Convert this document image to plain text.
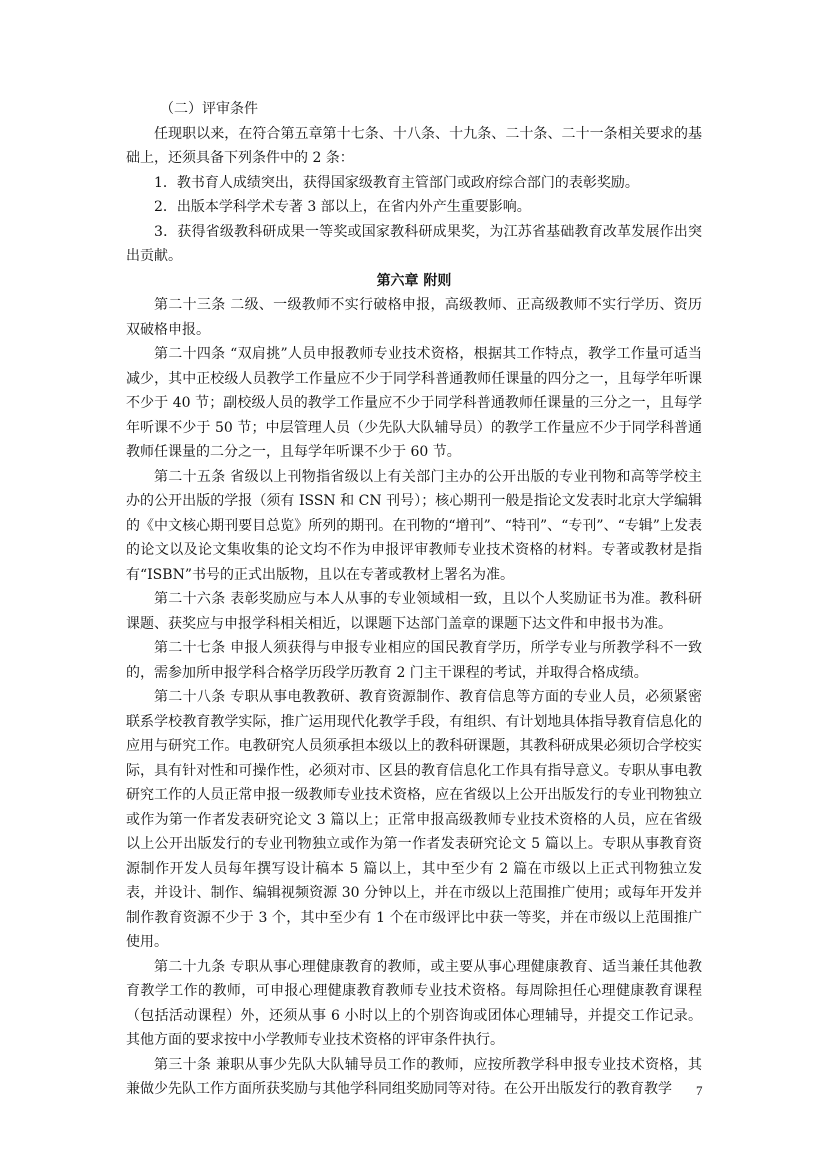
（二）评审条件

任现职以来，在符合第五章第十七条、十八条、十九条、二十条、二十一条相关要求的基础上，还须具备下列条件中的 2 条：

1．教书育人成绩突出，获得国家级教育主管部门或政府综合部门的表彰奖励。

2．出版本学科学术专著 3 部以上，在省内外产生重要影响。

3．获得省级教科研成果一等奖或国家教科研成果奖，为江苏省基础教育改革发展作出突出贡献。

第六章 附则

第二十三条 二级、一级教师不实行破格申报，高级教师、正高级教师不实行学历、资历双破格申报。

第二十四条 “双肩挑”人员申报教师专业技术资格，根据其工作特点，教学工作量可适当减少，其中正校级人员教学工作量应不少于同学科普通教师任课量的四分之一，且每学年听课不少于 40 节；副校级人员的教学工作量应不少于同学科普通教师任课量的三分之一，且每学年听课不少于 50 节；中层管理人员（少先队大队辅导员）的教学工作量应不少于同学科普通教师任课量的二分之一，且每学年听课不少于 60 节。

第二十五条 省级以上刊物指省级以上有关部门主办的公开出版的专业刊物和高等学校主办的公开出版的学报（须有 ISSN 和 CN 刊号）；核心期刊一般是指论文发表时北京大学编辑的《中文核心期刊要目总览》所列的期刊。在刊物的“增刊”、“特刊”、“专刊”、“专辑”上发表的论文以及论文集收集的论文均不作为申报评审教师专业技术资格的材料。专著或教材是指有“ISBN”书号的正式出版物，且以在专著或教材上署名为准。

第二十六条 表彰奖励应与本人从事的专业领域相一致，且以个人奖励证书为准。教科研课题、获奖应与申报学科相关相近，以课题下达部门盖章的课题下达文件和申报书为准。

第二十七条 申报人须获得与申报专业相应的国民教育学历，所学专业与所教学科不一致的，需参加所申报学科合格学历段学历教育 2 门主干课程的考试，并取得合格成绩。

第二十八条 专职从事电教教研、教育资源制作、教育信息等方面的专业人员，必须紧密联系学校教育教学实际，推广运用现代化教学手段，有组织、有计划地具体指导教育信息化的应用与研究工作。电教研究人员须承担本级以上的教科研课题，其教科研成果必须切合学校实际，具有针对性和可操作性，必须对市、区县的教育信息化工作具有指导意义。专职从事电教研究工作的人员正常申报一级教师专业技术资格，应在省级以上公开出版发行的专业刊物独立或作为第一作者发表研究论文 3 篇以上；正常申报高级教师专业技术资格的人员，应在省级以上公开出版发行的专业刊物独立或作为第一作者发表研究论文 5 篇以上。专职从事教育资源制作开发人员每年撰写设计稿本 5 篇以上，其中至少有 2 篇在市级以上正式刊物独立发表，并设计、制作、编辑视频资源 30 分钟以上，并在市级以上范围推广使用；或每年开发并制作教育资源不少于 3 个，其中至少有 1 个在市级评比中获一等奖，并在市级以上范围推广使用。

第二十九条 专职从事心理健康教育的教师，或主要从事心理健康教育、适当兼任其他教育教学工作的教师，可申报心理健康教育教师专业技术资格。每周除担任心理健康教育课程（包括活动课程）外，还须从事 6 小时以上的个别咨询或团体心理辅导，并提交工作记录。其他方面的要求按中小学教师专业技术资格的评审条件执行。

第三十条 兼职从事少先队大队辅导员工作的教师，应按所教学科申报专业技术资格，其兼做少先队工作方面所获奖励与其他学科同组奖励同等对待。在公开出版发行的教育教学	7
